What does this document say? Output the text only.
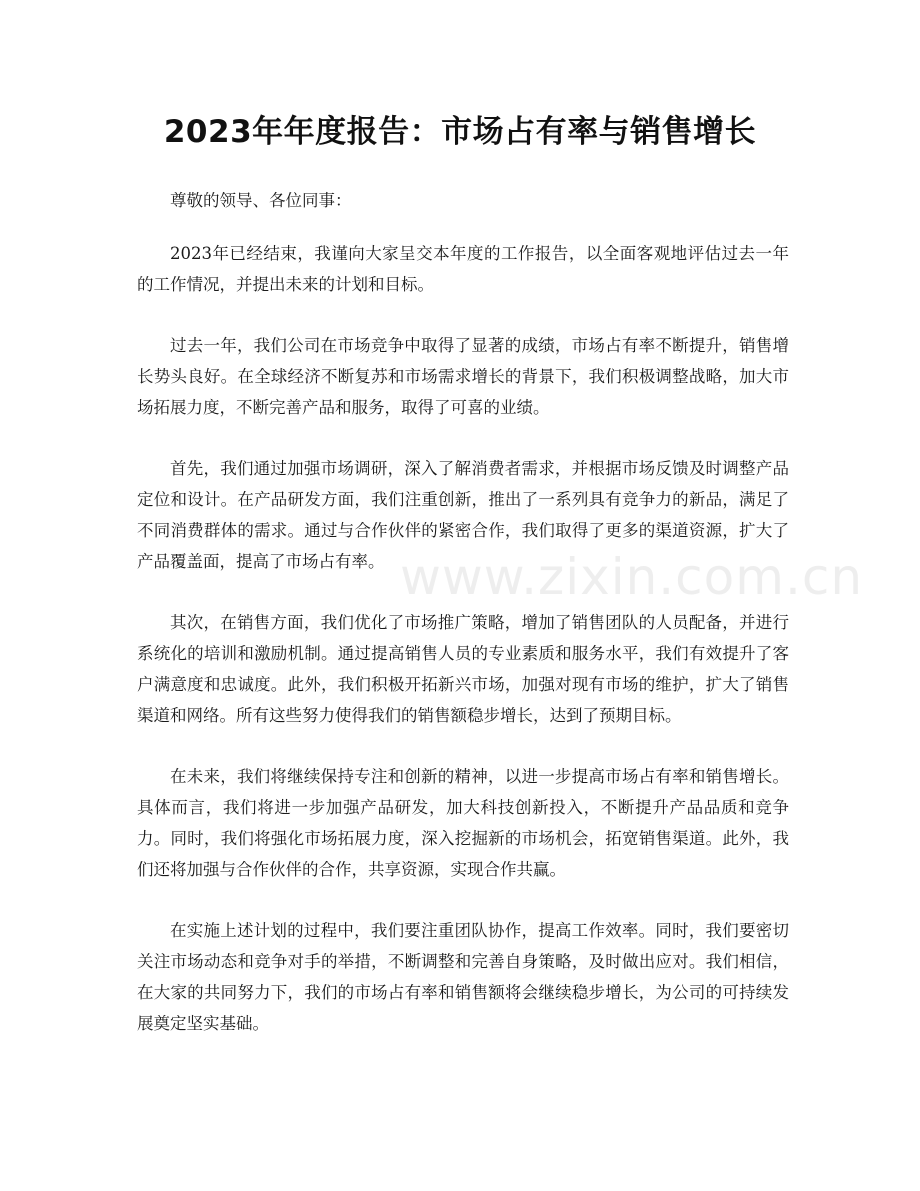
2023年年度报告：市场占有率与销售增长
www.zixin.com.cn

尊敬的领导、各位同事：

2023年已经结束，我谨向大家呈交本年度的工作报告，以全面客观地评估过去一年的工作情况，并提出未来的计划和目标。

过去一年，我们公司在市场竞争中取得了显著的成绩，市场占有率不断提升，销售增长势头良好。在全球经济不断复苏和市场需求增长的背景下，我们积极调整战略，加大市场拓展力度，不断完善产品和服务，取得了可喜的业绩。

首先，我们通过加强市场调研，深入了解消费者需求，并根据市场反馈及时调整产品定位和设计。在产品研发方面，我们注重创新，推出了一系列具有竞争力的新品，满足了不同消费群体的需求。通过与合作伙伴的紧密合作，我们取得了更多的渠道资源，扩大了产品覆盖面，提高了市场占有率。

其次，在销售方面，我们优化了市场推广策略，增加了销售团队的人员配备，并进行系统化的培训和激励机制。通过提高销售人员的专业素质和服务水平，我们有效提升了客户满意度和忠诚度。此外，我们积极开拓新兴市场，加强对现有市场的维护，扩大了销售渠道和网络。所有这些努力使得我们的销售额稳步增长，达到了预期目标。

在未来，我们将继续保持专注和创新的精神，以进一步提高市场占有率和销售增长。具体而言，我们将进一步加强产品研发，加大科技创新投入，不断提升产品品质和竞争力。同时，我们将强化市场拓展力度，深入挖掘新的市场机会，拓宽销售渠道。此外，我们还将加强与合作伙伴的合作，共享资源，实现合作共赢。

在实施上述计划的过程中，我们要注重团队协作，提高工作效率。同时，我们要密切关注市场动态和竞争对手的举措，不断调整和完善自身策略，及时做出应对。我们相信，在大家的共同努力下，我们的市场占有率和销售额将会继续稳步增长，为公司的可持续发展奠定坚实基础。
